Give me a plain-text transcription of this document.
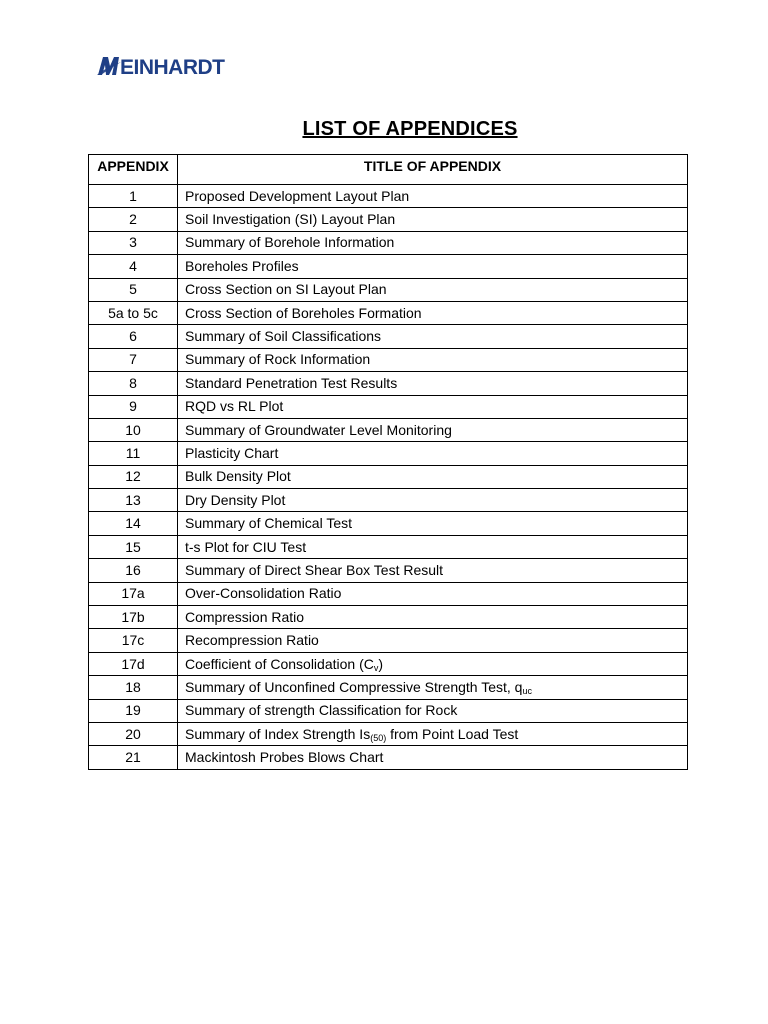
EINHARDT
LIST OF APPENDICES
APPENDIX	TITLE OF APPENDIX
1	Proposed Development Layout Plan
2	Soil Investigation (SI) Layout Plan
3	Summary of Borehole Information
4	Boreholes Profiles
5	Cross Section on SI Layout Plan
5a to 5c	Cross Section of Boreholes Formation
6	Summary of Soil Classifications
7	Summary of Rock Information
8	Standard Penetration Test Results
9	RQD vs RL Plot
10	Summary of Groundwater Level Monitoring
11	Plasticity Chart
12	Bulk Density Plot
13	Dry Density Plot
14	Summary of Chemical Test
15	t-s Plot for CIU Test
16	Summary of Direct Shear Box Test Result
17a	Over-Consolidation Ratio
17b	Compression Ratio
17c	Recompression Ratio
17d	Coefficient of Consolidation $(C_v)$
18	Summary of Unconfined Compressive Strength Test, $q_{uc}$
19	Summary of strength Classification for Rock
20	Summary of Index Strength $Is_{(50)}$ from Point Load Test
21	Mackintosh Probes Blows Chart
